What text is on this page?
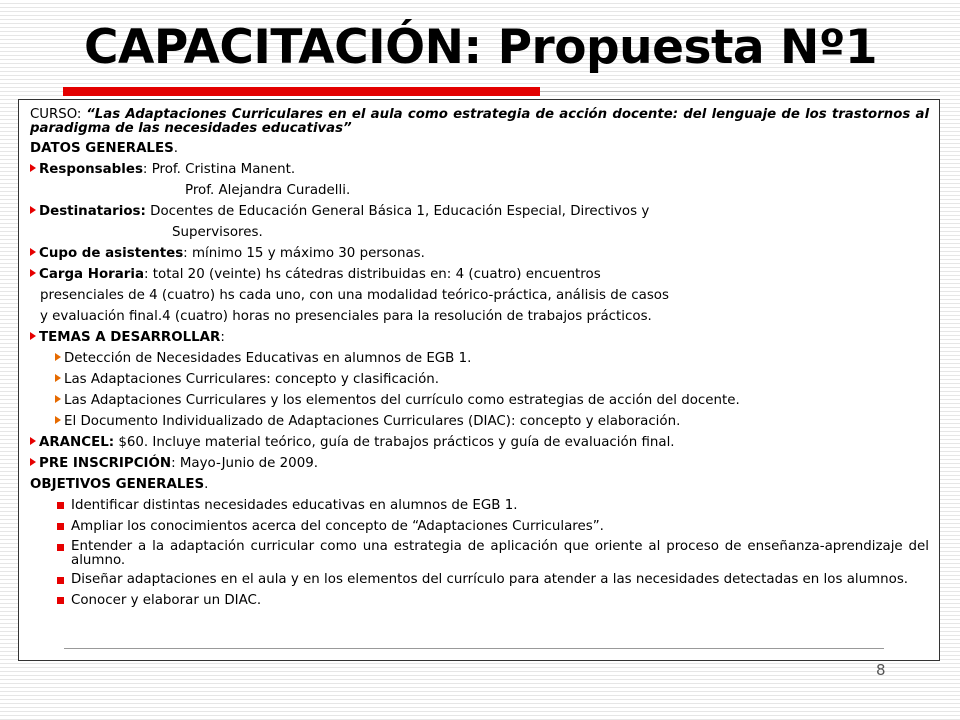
CAPACITACIÓN: Propuesta Nº1
CURSO: “Las Adaptaciones Curriculares en el aula como estrategia de acción docente: del lenguaje de los trastornos al paradigma de las necesidades educativas”
DATOS GENERALES.
Responsables: Prof. Cristina Manent.
Prof. Alejandra Curadelli.
Destinatarios: Docentes de Educación General Básica 1, Educación Especial, Directivos y
Supervisores.
Cupo de asistentes: mínimo 15 y máximo 30 personas.
Carga Horaria: total 20 (veinte) hs cátedras distribuidas en: 4 (cuatro) encuentros
presenciales de 4 (cuatro) hs cada uno, con una modalidad teórico-práctica, análisis de casos
y evaluación final.4 (cuatro) horas no presenciales para la resolución de trabajos prácticos.
TEMAS A DESARROLLAR:
Detección de Necesidades Educativas en alumnos de EGB 1.
Las Adaptaciones Curriculares: concepto y clasificación.
Las Adaptaciones Curriculares y los elementos del currículo como estrategias de acción del docente.
El Documento Individualizado de Adaptaciones Curriculares (DIAC): concepto y elaboración.
ARANCEL: $60. Incluye material teórico, guía de trabajos prácticos y guía de evaluación final.
PRE INSCRIPCIÓN: Mayo-Junio de 2009.
OBJETIVOS GENERALES.
Identificar distintas necesidades educativas en alumnos de EGB 1.
Ampliar los conocimientos acerca del concepto de “Adaptaciones Curriculares”.
Entender a la adaptación curricular como una estrategia de aplicación que oriente al proceso de enseñanza-aprendizaje del alumno.
Diseñar adaptaciones en el aula y en los elementos del currículo para atender a las necesidades detectadas en los alumnos.
Conocer y elaborar un DIAC.
8
